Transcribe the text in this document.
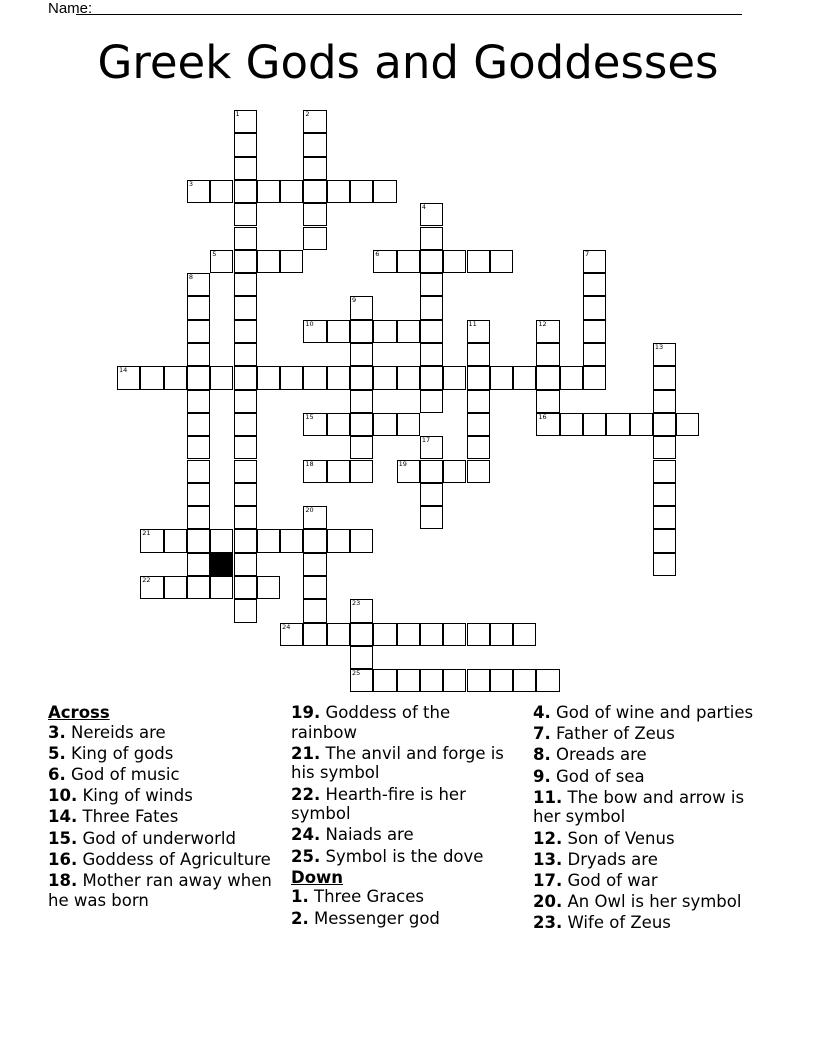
Name:
Greek Gods and Goddesses
1	2
3
4
5	6	7
8
9
10	11	12
13
14
15	16
17
18	19
20
21
22
23
25
24
Across
3. Nereids are
5. King of gods
6. God of music
10. King of winds
14. Three Fates
15. God of underworld
16. Goddess of Agriculture
18. Mother ran away when he was born
19. Goddess of the rainbow
21. The anvil and forge is his symbol
22. Hearth-fire is her symbol
24. Naiads are
25. Symbol is the dove
Down
1. Three Graces
2. Messenger god
4. God of wine and parties
7. Father of Zeus
8. Oreads are
9. God of sea
11. The bow and arrow is her symbol
12. Son of Venus
13. Dryads are
17. God of war
20. An Owl is her symbol
23. Wife of Zeus
